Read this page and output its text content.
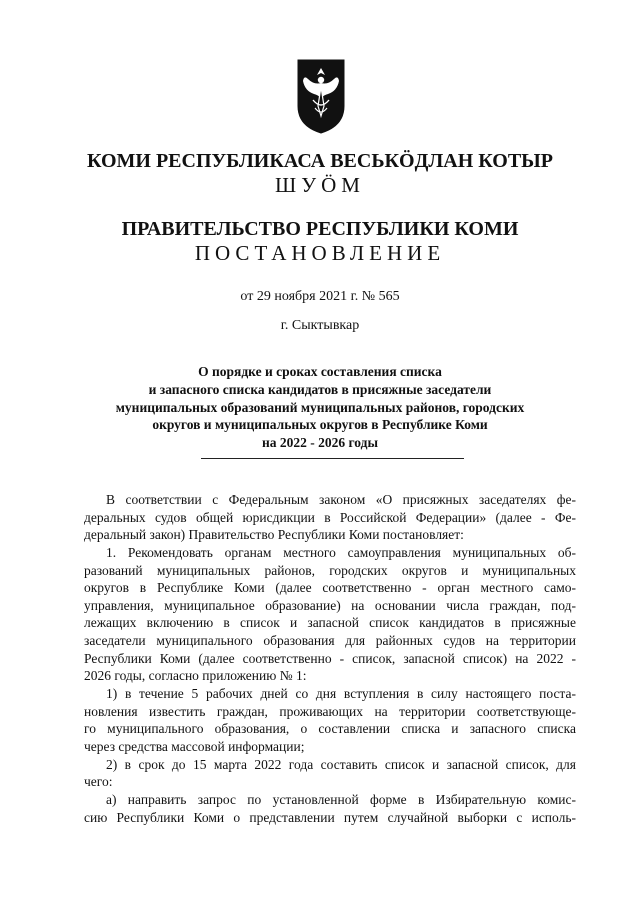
КОМИ РЕСПУБЛИКАСА ВЕСЬКÖДЛАН КОТЫР
ШУÖМ
ПРАВИТЕЛЬСТВО РЕСПУБЛИКИ КОМИ
ПОСТАНОВЛЕНИЕ
от 29 ноября 2021 г. № 565
г. Сыктывкар
О порядке и сроках составления списка
и запасного списка кандидатов в присяжные заседатели
муниципальных образований муниципальных районов, городских
округов и муниципальных округов в Республике Коми
на 2022 - 2026 годы
В соответствии с Федеральным законом «О присяжных заседателях фе-
деральных судов общей юрисдикции в Российской Федерации» (далее - Фе-
деральный закон) Правительство Республики Коми постановляет:
1. Рекомендовать органам местного самоуправления муниципальных об-
разований муниципальных районов, городских округов и муниципальных
округов в Республике Коми (далее соответственно - орган местного само-
управления, муниципальное образование) на основании числа граждан, под-
лежащих включению в список и запасной список кандидатов в присяжные
заседатели муниципального образования для районных судов на территории
Республики Коми (далее соответственно - список, запасной список) на 2022 -
2026 годы, согласно приложению № 1:
1) в течение 5 рабочих дней со дня вступления в силу настоящего поста-
новления известить граждан, проживающих на территории соответствующе-
го муниципального образования, о составлении списка и запасного списка
через средства массовой информации;
2) в срок до 15 марта 2022 года составить список и запасной список, для
чего:
а) направить запрос по установленной форме в Избирательную комис-
сию Республики Коми о представлении путем случайной выборки с исполь-
